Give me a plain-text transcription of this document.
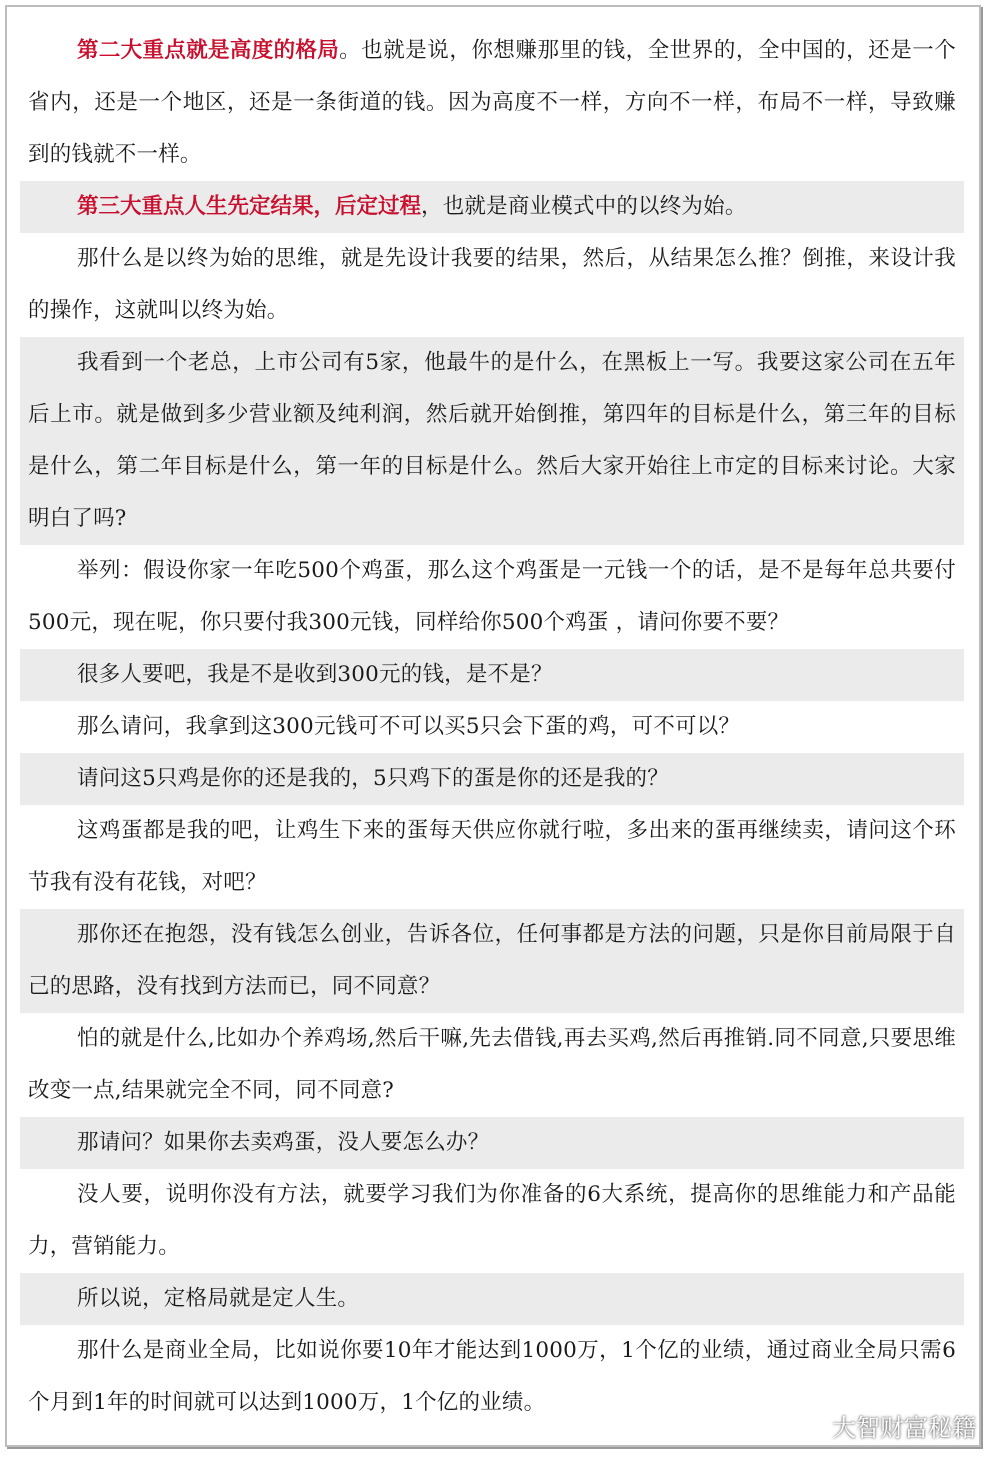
第二大重点就是高度的格局。也就是说，你想赚那里的钱，全世界的，全中国的，还是一个省内，还是一个地区，还是一条街道的钱。因为高度不一样，方向不一样，布局不一样，导致赚到的钱就不一样。
第三大重点人生先定结果，后定过程，也就是商业模式中的以终为始。
那什么是以终为始的思维，就是先设计我要的结果，然后，从结果怎么推？倒推，来设计我的操作，这就叫以终为始。
我看到一个老总，上市公司有5家，他最牛的是什么，在黑板上一写。我要这家公司在五年后上市。就是做到多少营业额及纯利润，然后就开始倒推，第四年的目标是什么，第三年的目标是什么，第二年目标是什么，第一年的目标是什么。然后大家开始往上市定的目标来讨论。大家明白了吗?
举列：假设你家一年吃500个鸡蛋，那么这个鸡蛋是一元钱一个的话，是不是每年总共要付500元，现在呢，你只要付我300元钱，同样给你500个鸡蛋 ，请问你要不要？
很多人要吧，我是不是收到300元的钱，是不是？
那么请问，我拿到这300元钱可不可以买5只会下蛋的鸡，可不可以？
请问这5只鸡是你的还是我的，5只鸡下的蛋是你的还是我的？
这鸡蛋都是我的吧，让鸡生下来的蛋每天供应你就行啦，多出来的蛋再继续卖，请问这个环节我有没有花钱，对吧？
那你还在抱怨，没有钱怎么创业，告诉各位，任何事都是方法的问题，只是你目前局限于自己的思路，没有找到方法而已，同不同意？
怕的就是什么,比如办个养鸡场,然后干嘛,先去借钱,再去买鸡,然后再推销.同不同意,只要思维改变一点,结果就完全不同，同不同意?
那请问？如果你去卖鸡蛋，没人要怎么办？
没人要，说明你没有方法，就要学习我们为你准备的6大系统，提高你的思维能力和产品能力，营销能力。
所以说，定格局就是定人生。
那什么是商业全局，比如说你要10年才能达到1000万，1个亿的业绩，通过商业全局只需6个月到1年的时间就可以达到1000万，1个亿的业绩。
大智财富秘籍
